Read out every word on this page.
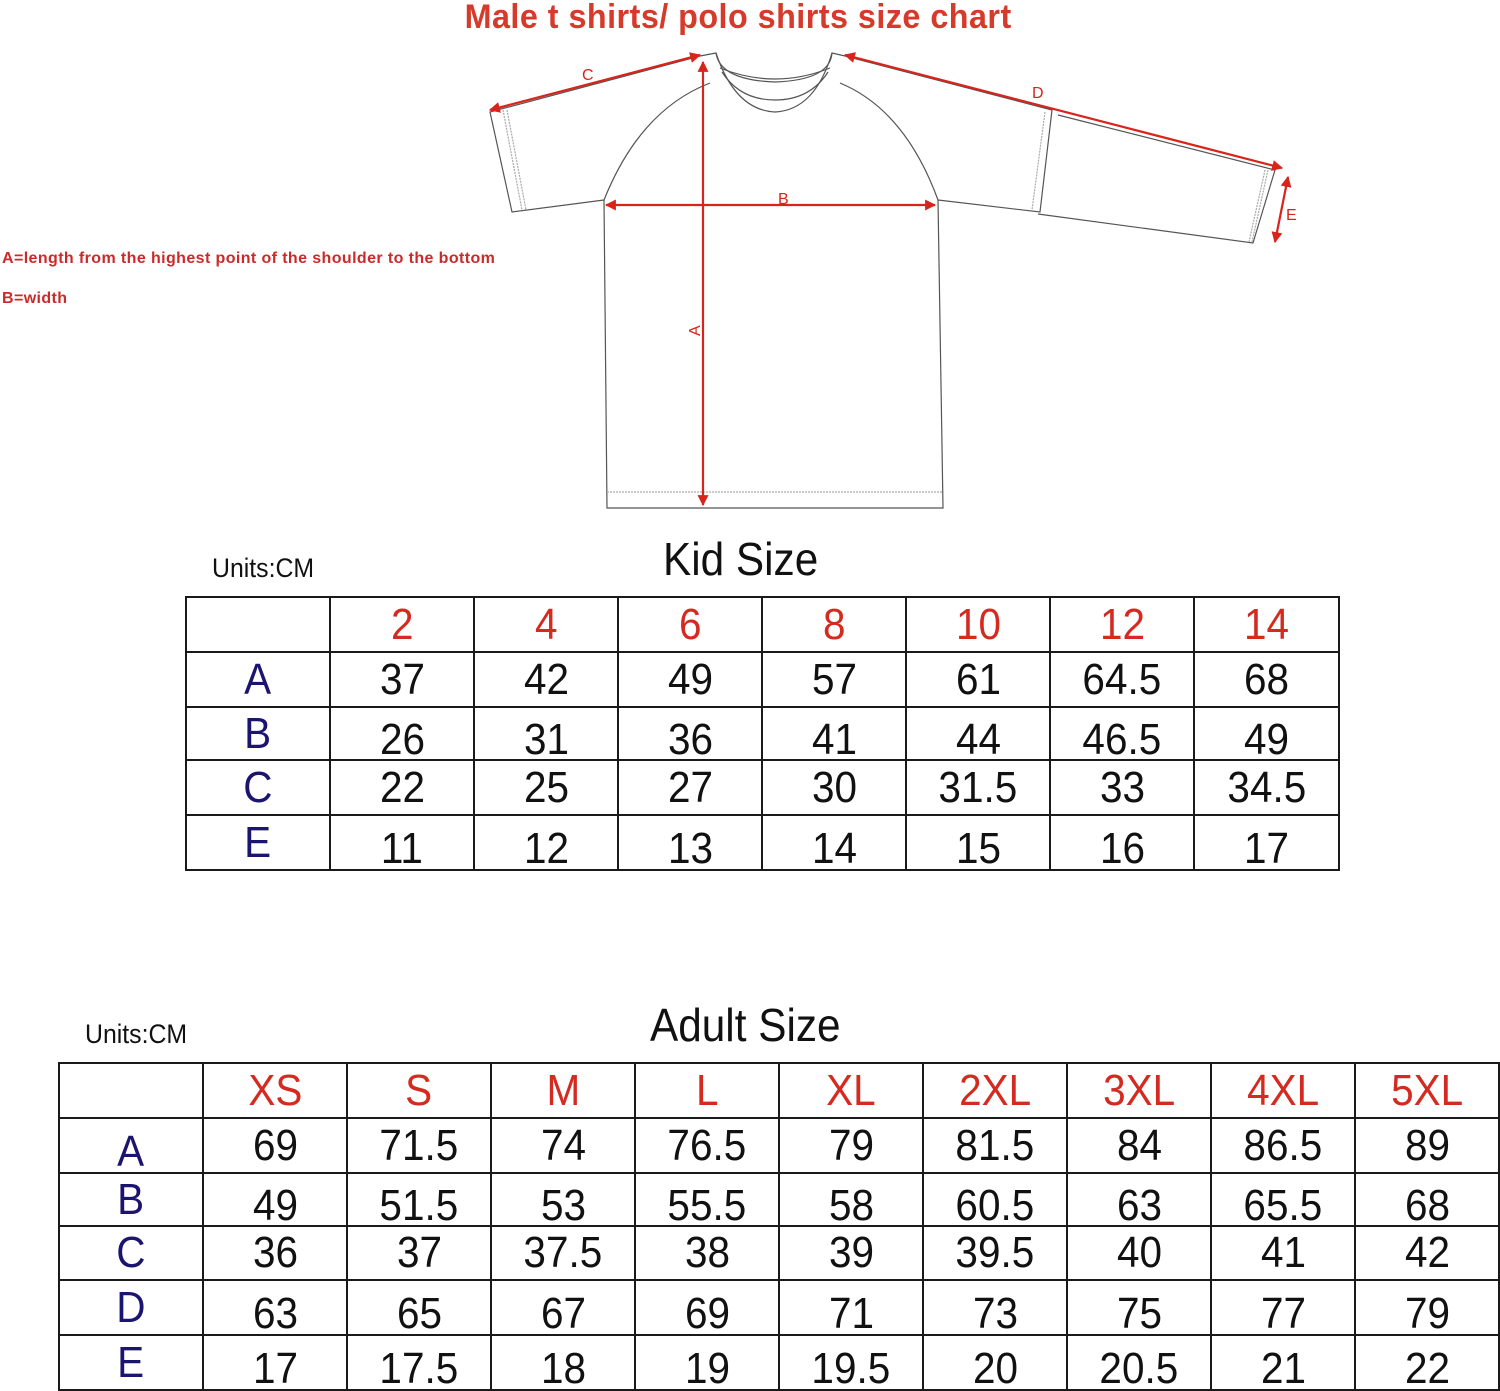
Male t shirts/ polo shirts size chart
A=length from the highest point of the shoulder to the bottom
B=width
C
D
B
E
A
Kid Size
Units:CM
	2	4	6	8	10	12	14
A	37	42	49	57	61	64.5	68
B	26	31	36	41	44	46.5	49
C	22	25	27	30	31.5	33	34.5
E	11	12	13	14	15	16	17
Adult Size
Units:CM
	XS	S	M	L	XL	2XL	3XL	4XL	5XL
A	69	71.5	74	76.5	79	81.5	84	86.5	89
B	49	51.5	53	55.5	58	60.5	63	65.5	68
C	36	37	37.5	38	39	39.5	40	41	42
D	63	65	67	69	71	73	75	77	79
E	17	17.5	18	19	19.5	20	20.5	21	22
